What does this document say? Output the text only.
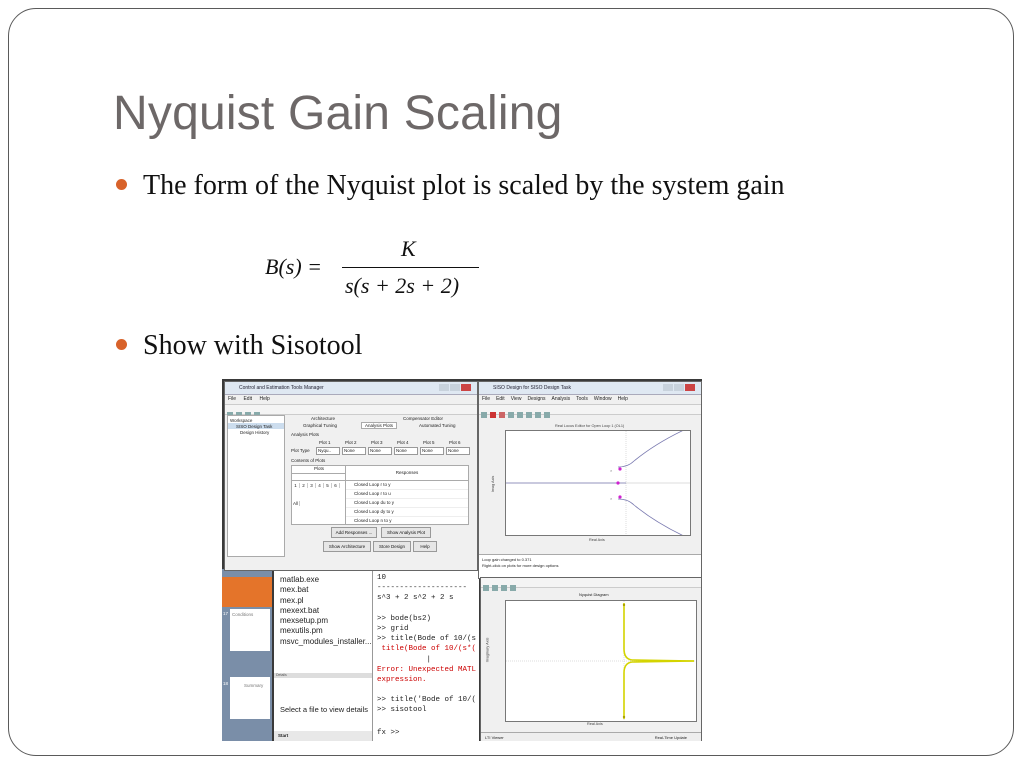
Nyquist Gain Scaling
The form of the Nyquist plot is scaled by the system gain
B(s) =
K
s(s + 2s + 2)
Show with Sisotool
17 Conditions
18	Summary
matlab.exe
mex.bat
mex.pl
mexext.bat
mexsetup.pm
mexutils.pm
msvc_modules_installer...
Details
Select a file to view details
Start
10
--------------------
s^3 + 2 s^2 + 2 s
>> bode(bs2)
>> grid
>> title(Bode of 10/(s
title(Bode of 10/(s*(
|
Error: Unexpected MATL
expression.
>> title('Bode of 10/(
>> sisotool
fx >>
Control and Estimation Tools Manager
File Edit Help
Workspace
SISO Design Task
Design History
Architecture	Compensator Editor
Graphical Tuning	Analysis Plots	Automated Tuning
Analysis Plots
Plot 1	Plot 2	Plot 3	Plot 4	Plot 5	Plot 6
Plot Type	Nyqu..	None	None	None	None	None
Contents of Plots
Plots
1 2 3 4 5 6All
Responses
Closed Loop r to y
Closed Loop r to u
Closed Loop du to y
Closed Loop dy to y
Closed Loop n to y
Add Responses ...	Show Analysis Plot
Show Architecture	Store Design	Help
SISO Design for SISO Design Task
File Edit View Designs Analysis Tools Window Help
Real Locus Editor for Open Loop 1 (OL1)
Imag Axis
×
×
Real Axis
Loop gain changed to 0.371
Right-click on plots for more design options
Nyquist Diagram
Imaginary Axis
Real Axis
LTI Viewer	Real-Time Update
